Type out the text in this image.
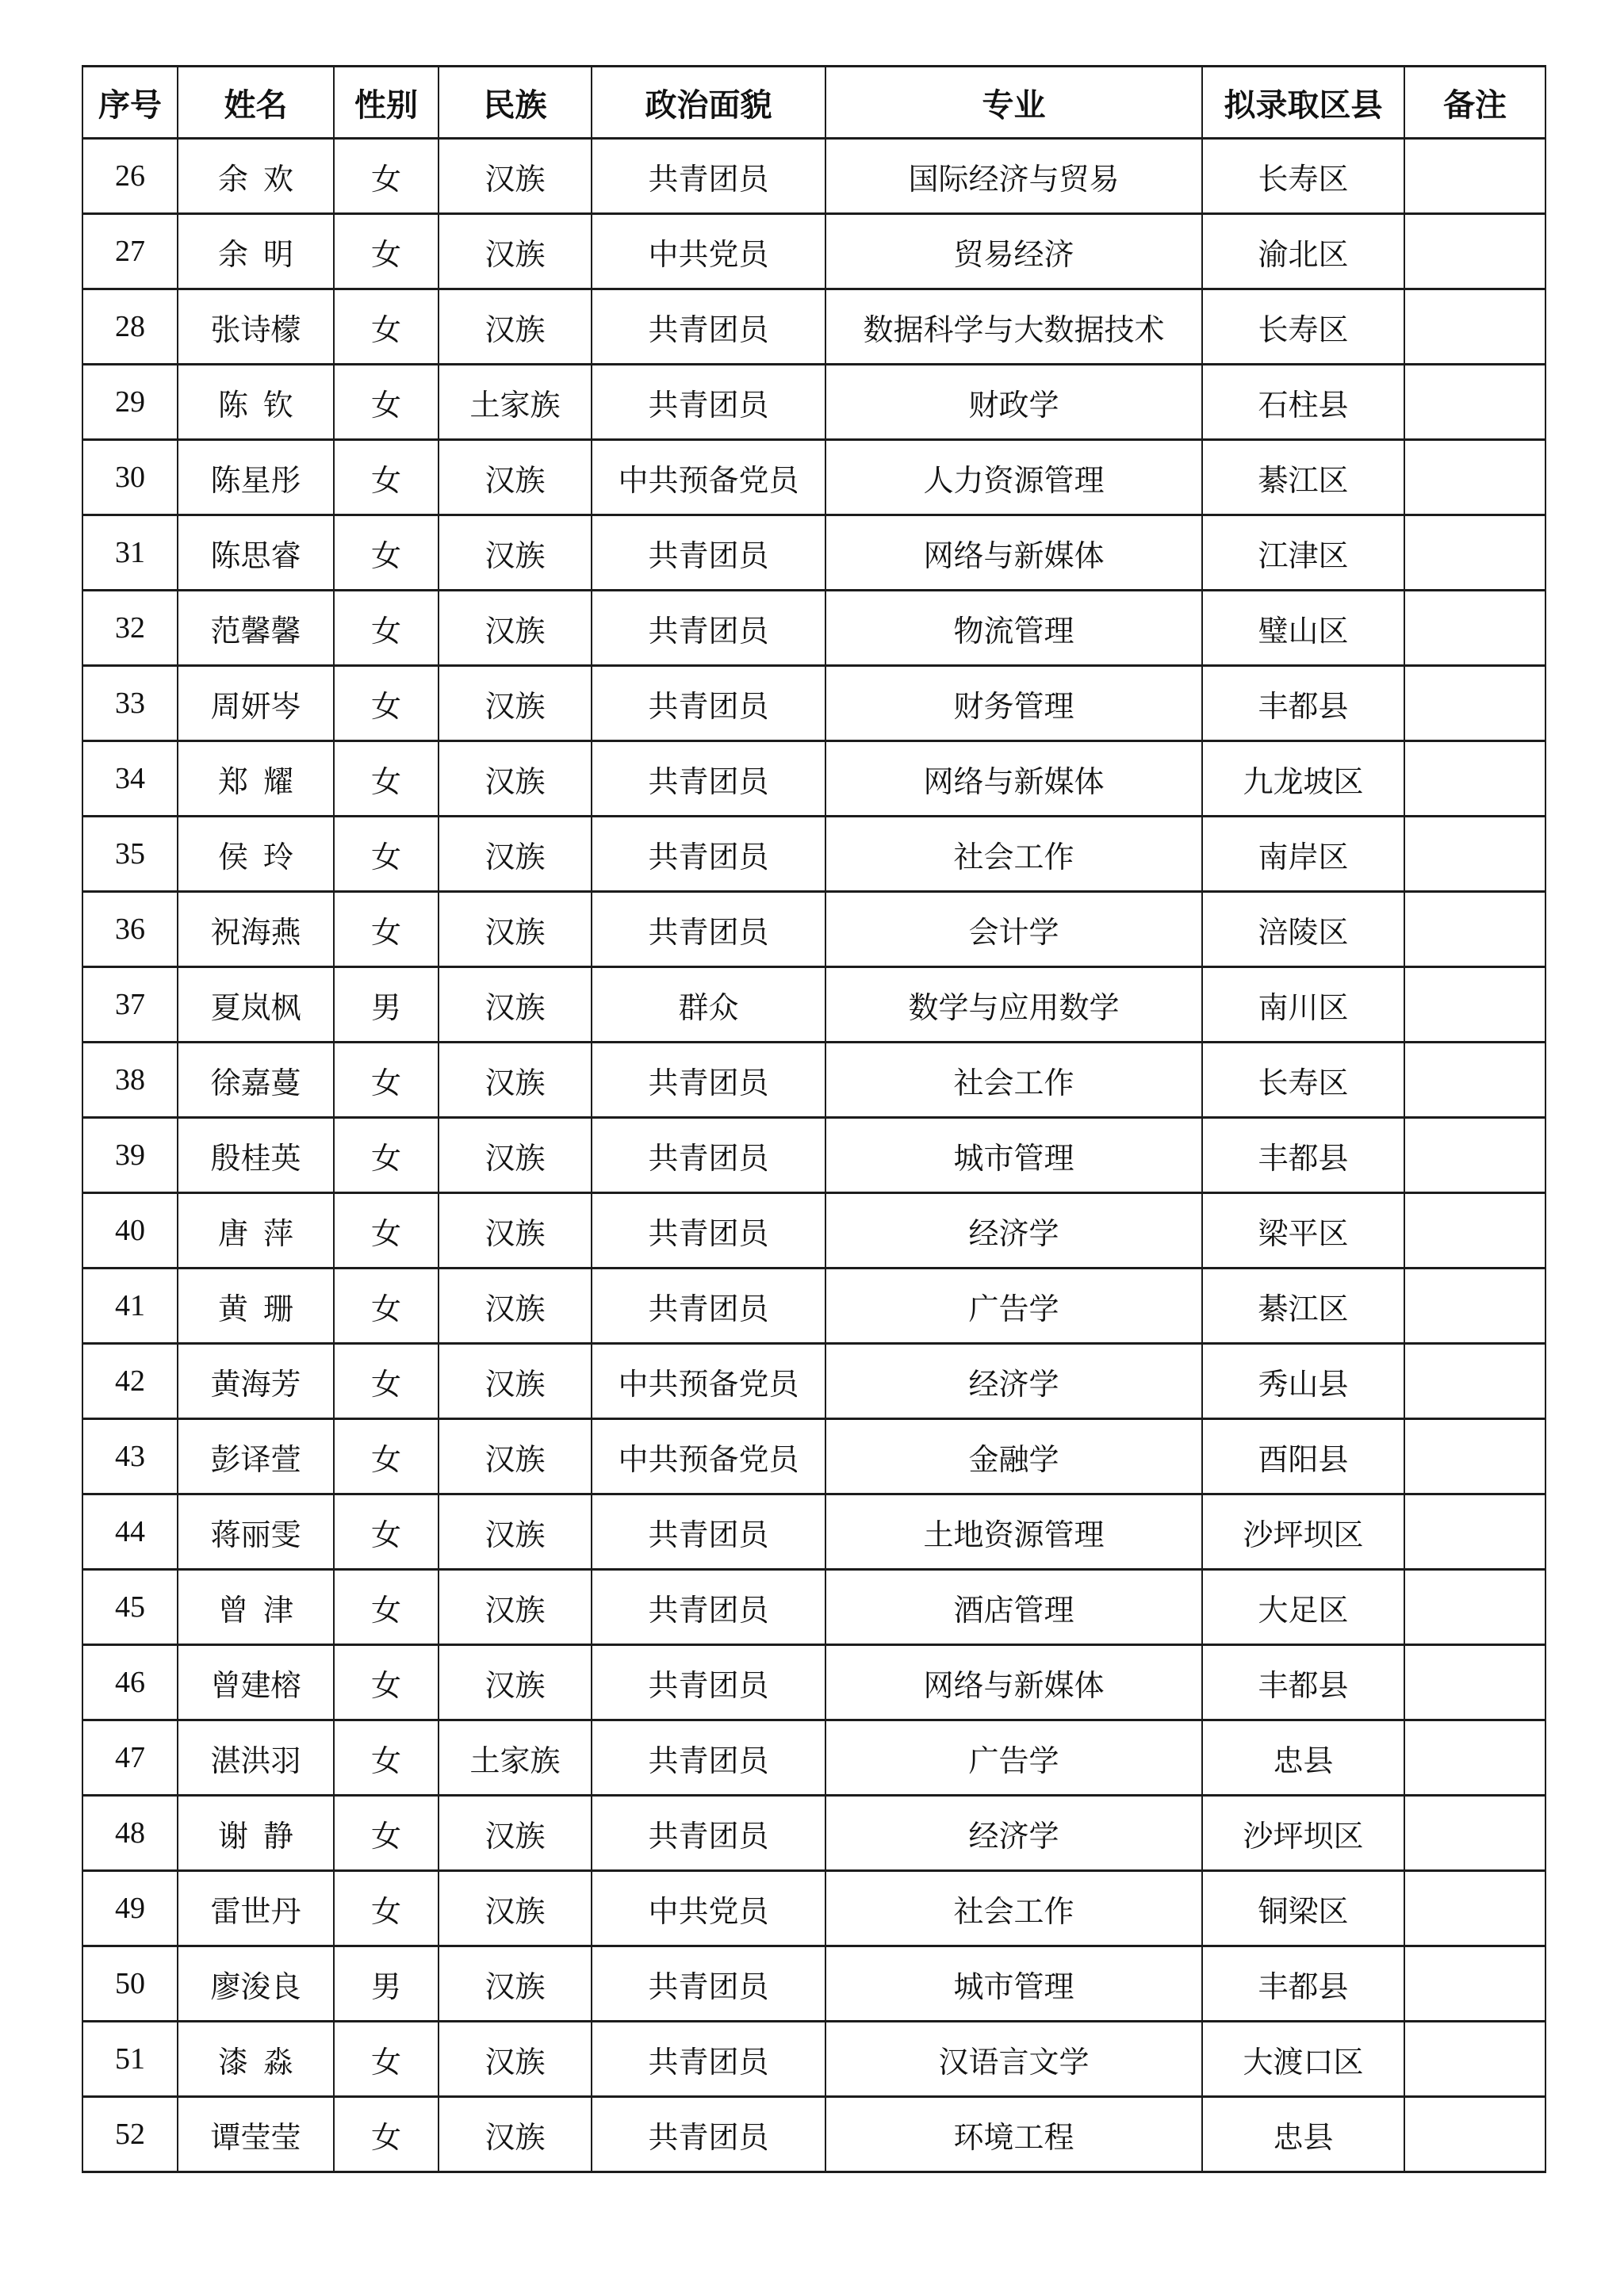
序号	姓名	性别	民族	政治面貌	专业	拟录取区县	备注
26	余 欢	女	汉族	共青团员	国际经济与贸易	长寿区	
27	余 明	女	汉族	中共党员	贸易经济	渝北区	
28	张诗檬	女	汉族	共青团员	数据科学与大数据技术	长寿区	
29	陈 钦	女	土家族	共青团员	财政学	石柱县	
30	陈星彤	女	汉族	中共预备党员	人力资源管理	綦江区	
31	陈思睿	女	汉族	共青团员	网络与新媒体	江津区	
32	范馨馨	女	汉族	共青团员	物流管理	璧山区	
33	周妍岑	女	汉族	共青团员	财务管理	丰都县	
34	郑 耀	女	汉族	共青团员	网络与新媒体	九龙坡区	
35	侯 玲	女	汉族	共青团员	社会工作	南岸区	
36	祝海燕	女	汉族	共青团员	会计学	涪陵区	
37	夏岚枫	男	汉族	群众	数学与应用数学	南川区	
38	徐嘉蔓	女	汉族	共青团员	社会工作	长寿区	
39	殷桂英	女	汉族	共青团员	城市管理	丰都县	
40	唐 萍	女	汉族	共青团员	经济学	梁平区	
41	黄 珊	女	汉族	共青团员	广告学	綦江区	
42	黄海芳	女	汉族	中共预备党员	经济学	秀山县	
43	彭译萱	女	汉族	中共预备党员	金融学	酉阳县	
44	蒋丽雯	女	汉族	共青团员	土地资源管理	沙坪坝区	
45	曾 津	女	汉族	共青团员	酒店管理	大足区	
46	曾建榕	女	汉族	共青团员	网络与新媒体	丰都县	
47	湛洪羽	女	土家族	共青团员	广告学	忠县	
48	谢 静	女	汉族	共青团员	经济学	沙坪坝区	
49	雷世丹	女	汉族	中共党员	社会工作	铜梁区	
50	廖浚良	男	汉族	共青团员	城市管理	丰都县	
51	漆 淼	女	汉族	共青团员	汉语言文学	大渡口区	
52	谭莹莹	女	汉族	共青团员	环境工程	忠县	
